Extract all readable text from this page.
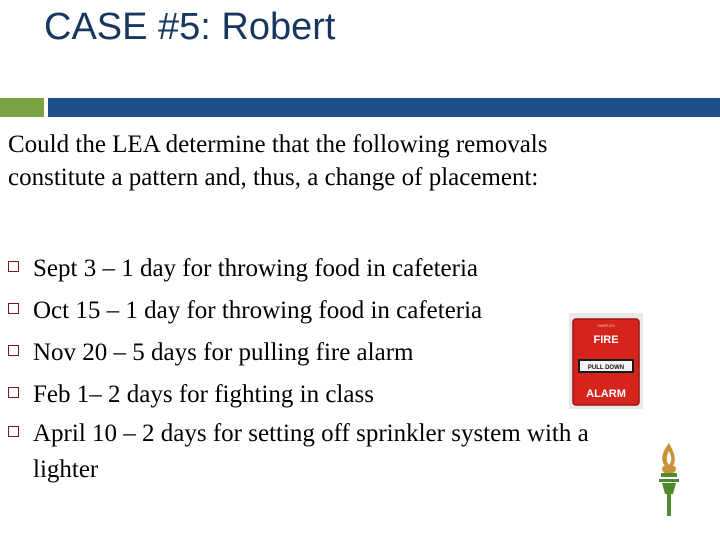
CASE #5: Robert
Could the LEA determine that the following removals
constitute a pattern and, thus, a change of placement:
Sept 3 – 1 day for throwing food in cafeteria
Oct 15 – 1 day for throwing food in cafeteria
Nov 20 – 5 days for pulling fire alarm
Feb 1– 2 days for fighting in class
April 10 – 2 days for setting off sprinkler system with a lighter
SIMPLEX
FIRE
PULL DOWN
ALARM
